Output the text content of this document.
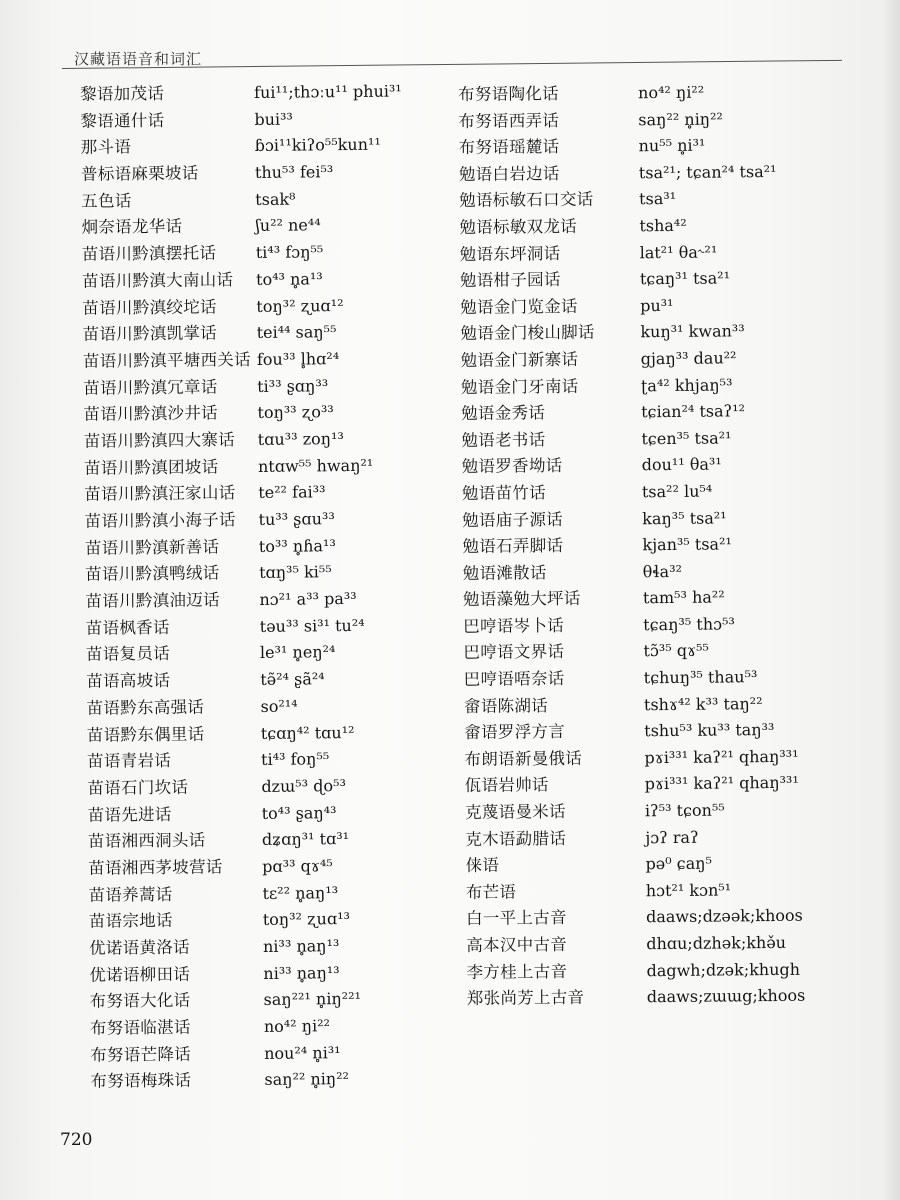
汉藏语语音和词汇
黎语加茂话	fui¹¹;thɔːu¹¹ phui³¹
黎语通什话	bui³³
那斗语	ɓɔi¹¹kiʔo⁵⁵kun¹¹
普标语麻栗坡话	thu⁵³ fei⁵³
五色话	tsak⁸
炯奈语龙华话	ʃu²² ne⁴⁴
苗语川黔滇摆托话 ti⁴³ fɔŋ⁵⁵
苗语川黔滇大南山话 to⁴³ n̥a¹³
苗语川黔滇绞坨话 toŋ³² ʐuɑ¹²
苗语川黔滇凯掌话 tei⁴⁴ saŋ⁵⁵
苗语川黔滇平塘西关话 fou³³ l̥hɑ²⁴
苗语川黔滇冗章话 ti³³ ʂɑŋ³³
苗语川黔滇沙井话 toŋ³³ ʐo³³
苗语川黔滇四大寨话 tɑu³³ zoŋ¹³
苗语川黔滇团坡话 ntɑw⁵⁵ hwaŋ²¹
苗语川黔滇汪家山话 te²² fai³³
苗语川黔滇小海子话 tu³³ ʂɑu³³
苗语川黔滇新善话 to³³ n̥ɦa¹³
苗语川黔滇鸭绒话 tɑŋ³⁵ ki⁵⁵
苗语川黔滇油迈话 nɔ²¹ a³³ pa³³
苗语枫香话	təu³³ si³¹ tu²⁴
苗语复员话	le³¹ n̥eŋ²⁴
苗语高坡话	tə̃²⁴ ʂã²⁴
苗语黔东高强话	so²¹⁴
苗语黔东偶里话	tɕɑŋ⁴² tɑu¹²
苗语青岩话	ti⁴³ foŋ⁵⁵
苗语石门坎话	dzɯ⁵³ ɖo⁵³
苗语先进话	to⁴³ ʂaŋ⁴³
苗语湘西洞头话	dʑɑŋ³¹ tɑ³¹
苗语湘西茅坡营话 pɑ³³ qɤ⁴⁵
苗语养蒿话	tɛ²² n̥aŋ¹³
苗语宗地话	toŋ³² ʐuɑ¹³
优诺语黄洛话	ni³³ n̥aŋ¹³
优诺语柳田话	ni³³ n̥aŋ¹³
布努语大化话	saŋ²²¹ n̥iŋ²²¹
布努语临湛话	no⁴² ŋi²²
布努语芒降话	nou²⁴ n̥i³¹
布努语梅珠话	saŋ²² n̥iŋ²²
布努语陶化话	no⁴² ŋi²²
布努语西弄话	saŋ²² n̥iŋ²²
布努语瑶麓话	nu⁵⁵ n̥i³¹
勉语白岩边话	tsa²¹; tɕan²⁴ tsa²¹
勉语标敏石口交话	tsa³¹
勉语标敏双龙话	tsha⁴²
勉语东坪洞话	lat²¹ θa˞²¹
勉语柑子园话	tɕaŋ³¹ tsa²¹
勉语金门览金话	pu³¹
勉语金门梭山脚话	kuŋ³¹ kwan³³
勉语金门新寨话	gjaŋ³³ dau²²
勉语金门牙南话	ʈa⁴² khjaŋ⁵³
勉语金秀话	tɕian²⁴ tsaʔ¹²
勉语老书话	tɕen³⁵ tsa²¹
勉语罗香坳话	dou¹¹ θa³¹
勉语苗竹话	tsa²² lu⁵⁴
勉语庙子源话	kaŋ³⁵ tsa²¹
勉语石弄脚话	kjan³⁵ tsa²¹
勉语滩散话	θɬa³²
勉语藻勉大坪话	tam⁵³ ha²²
巴哼语岑卜话	tɕaŋ³⁵ thɔ⁵³
巴哼语文界话	tɔ̃³⁵ qɤ⁵⁵
巴哼语唔奈话	tɕhuŋ³⁵ thau⁵³
畲语陈湖话	tshɤ⁴² k³³ taŋ²²
畲语罗浮方言	tshu⁵³ ku³³ taŋ³³
布朗语新曼俄话	pɤi³³¹ kaʔ²¹ qhaŋ³³¹
佤语岩帅话	pɤi³³¹ kaʔ²¹ qhaŋ³³¹
克蔑语曼米话	iʔ⁵³ tɕon⁵⁵
克木语勐腊话	jɔʔ raʔ
俫语	pə⁰ ɕaŋ⁵
布芒语	hɔt²¹ kɔn⁵¹
白一平上古音	daaws;dzəək;khoos
高本汉中古音	dhɑu;dzhək;khə̌u
李方桂上古音	dagwh;dzək;khugh
郑张尚芳上古音	daaws;zɯɯg;khoos
720
